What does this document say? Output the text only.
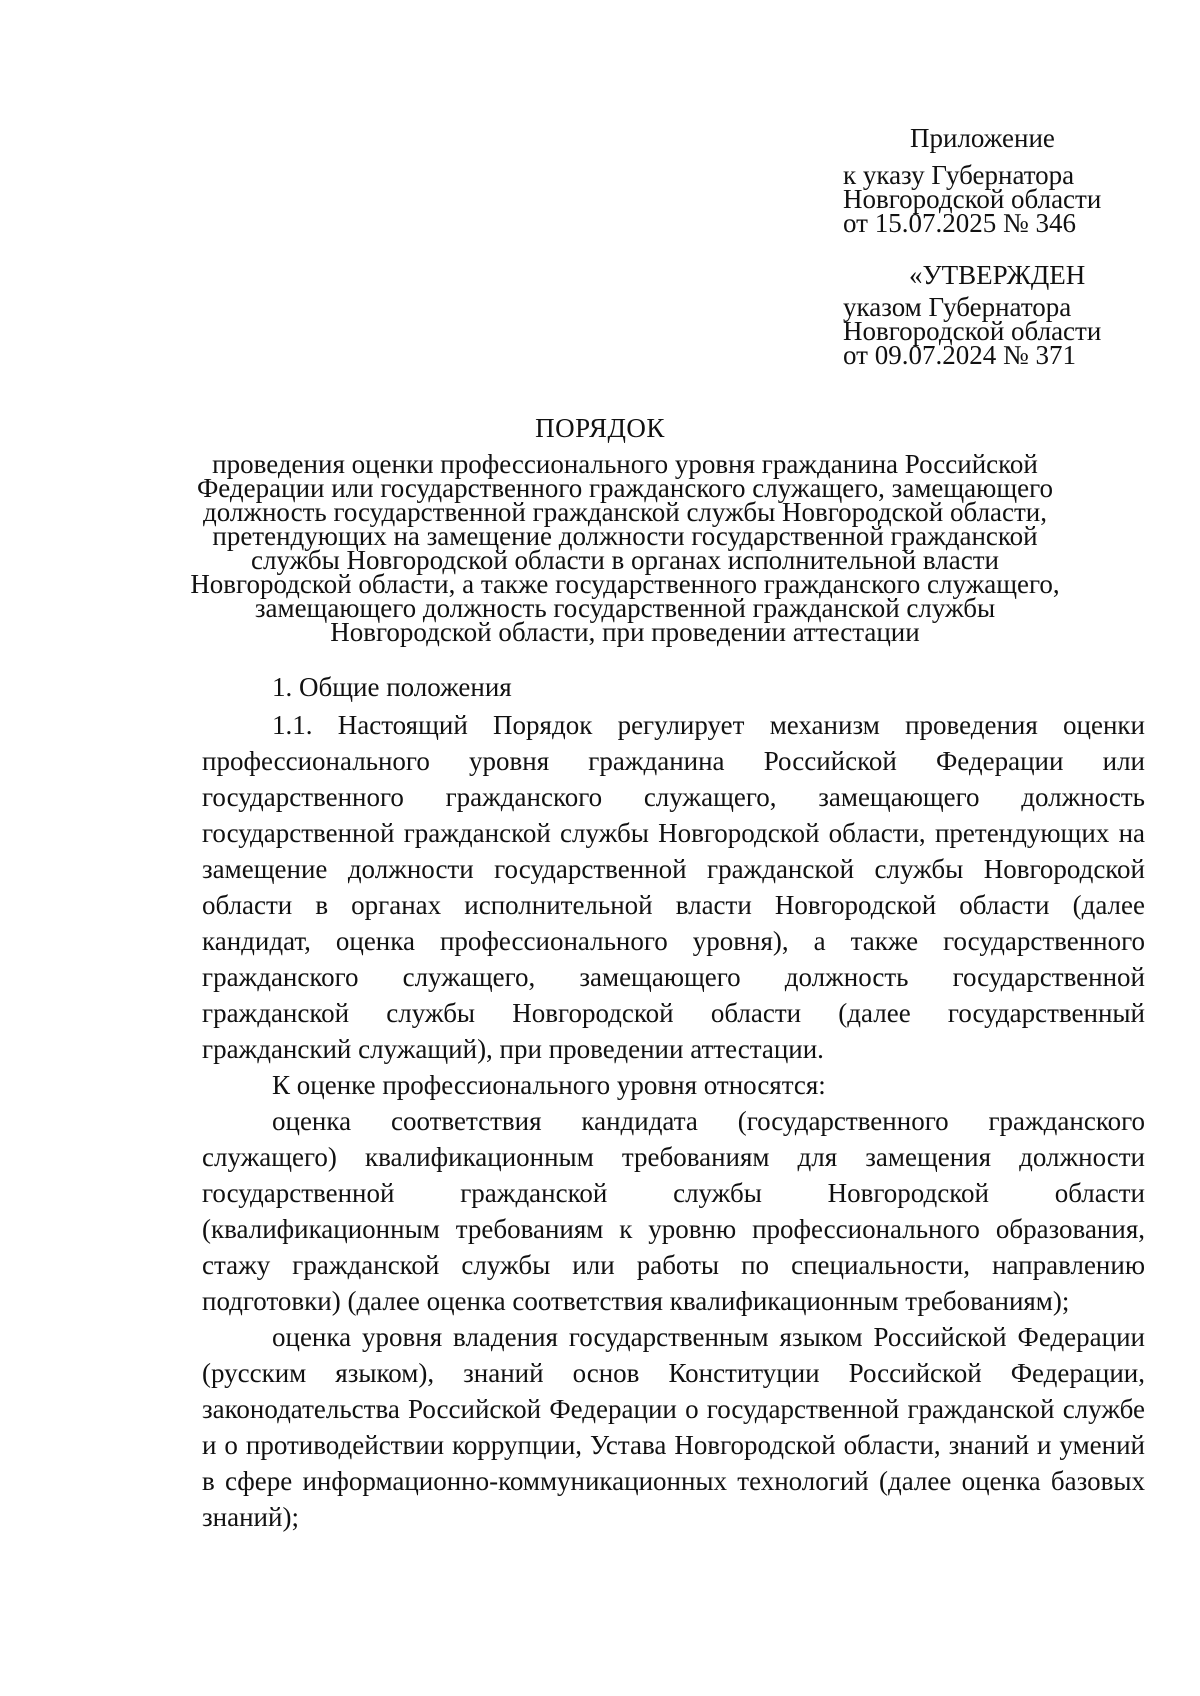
Приложение
к указу Губернатора
Новгородской области
от 15.07.2025 № 346
«УТВЕРЖДЕН
указом Губернатора
Новгородской области
от 09.07.2024 № 371
ПОРЯДОК
проведения оценки профессионального уровня гражданина Российской
Федерации или государственного гражданского служащего, замещающего
должность государственной гражданской службы Новгородской области,
претендующих на замещение должности государственной гражданской
службы Новгородской области в органах исполнительной власти
Новгородской области, а также государственного гражданского служащего,
замещающего должность государственной гражданской службы
Новгородской области, при проведении аттестации

1. Общие положения

1.1. Настоящий Порядок регулирует механизм проведения оценки профессионального уровня гражданина Российской Федерации или государственного гражданского служащего, замещающего должность государственной гражданской службы Новгородской области, претендующих на замещение должности государственной гражданской службы Новгородской области в органах исполнительной власти Новгородской области (далее кандидат, оценка профессионального уровня), а также государственного гражданского служащего, замещающего должность государственной гражданской службы Новгородской области (далее государственный гражданский служащий), при проведении аттестации.

К оценке профессионального уровня относятся:

оценка соответствия кандидата (государственного гражданского служащего) квалификационным требованиям для замещения должности государственной гражданской службы Новгородской области (квалификационным требованиям к уровню профессионального образования, стажу гражданской службы или работы по специальности, направлению подготовки) (далее оценка соответствия квалификационным требованиям);

оценка уровня владения государственным языком Российской Федерации (русским языком), знаний основ Конституции Российской Федерации, законодательства Российской Федерации о государственной гражданской службе и о противодействии коррупции, Устава Новгородской области, знаний и умений в сфере информационно-коммуникационных технологий (далее оценка базовых знаний);
